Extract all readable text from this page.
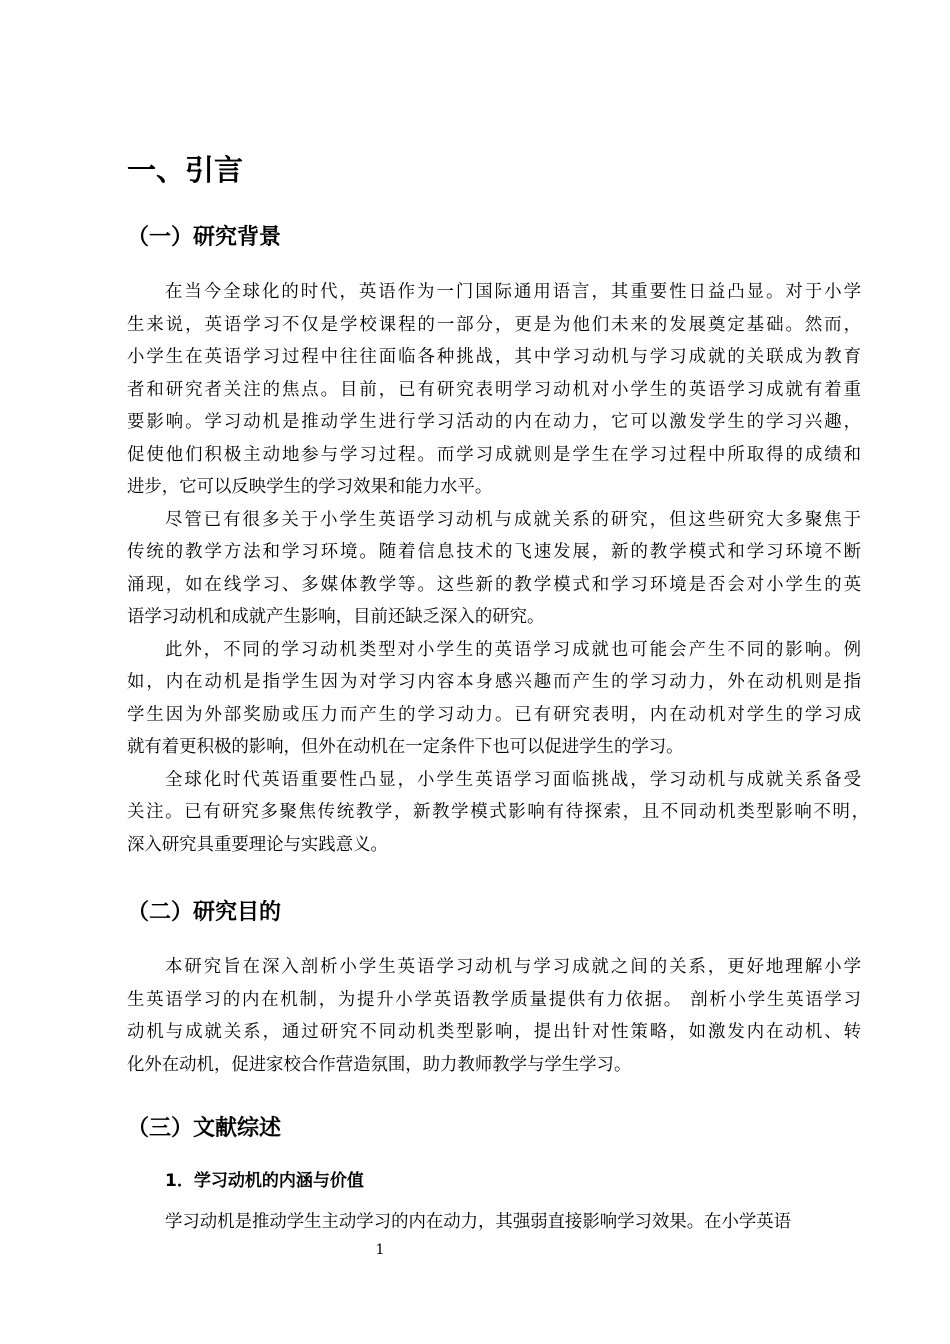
一、引言
（一）研究背景
在当今全球化的时代，英语作为一门国际通用语言，其重要性日益凸显。对于小学
生来说，英语学习不仅是学校课程的一部分，更是为他们未来的发展奠定基础。然而，
小学生在英语学习过程中往往面临各种挑战，其中学习动机与学习成就的关联成为教育
者和研究者关注的焦点。目前，已有研究表明学习动机对小学生的英语学习成就有着重
要影响。学习动机是推动学生进行学习活动的内在动力，它可以激发学生的学习兴趣，
促使他们积极主动地参与学习过程。而学习成就则是学生在学习过程中所取得的成绩和
进步，它可以反映学生的学习效果和能力水平。
尽管已有很多关于小学生英语学习动机与成就关系的研究，但这些研究大多聚焦于
传统的教学方法和学习环境。随着信息技术的飞速发展，新的教学模式和学习环境不断
涌现，如在线学习、多媒体教学等。这些新的教学模式和学习环境是否会对小学生的英
语学习动机和成就产生影响，目前还缺乏深入的研究。
此外，不同的学习动机类型对小学生的英语学习成就也可能会产生不同的影响。例
如，内在动机是指学生因为对学习内容本身感兴趣而产生的学习动力，外在动机则是指
学生因为外部奖励或压力而产生的学习动力。已有研究表明，内在动机对学生的学习成
就有着更积极的影响，但外在动机在一定条件下也可以促进学生的学习。
全球化时代英语重要性凸显，小学生英语学习面临挑战，学习动机与成就关系备受
关注。已有研究多聚焦传统教学，新教学模式影响有待探索，且不同动机类型影响不明，
深入研究具重要理论与实践意义。
（二）研究目的
本研究旨在深入剖析小学生英语学习动机与学习成就之间的关系，更好地理解小学
生英语学习的内在机制，为提升小学英语教学质量提供有力依据。 剖析小学生英语学习
动机与成就关系，通过研究不同动机类型影响，提出针对性策略，如激发内在动机、转
化外在动机，促进家校合作营造氛围，助力教师教学与学生学习。
（三）文献综述
1．学习动机的内涵与价值
学习动机是推动学生主动学习的内在动力，其强弱直接影响学习效果。在小学英语
1
